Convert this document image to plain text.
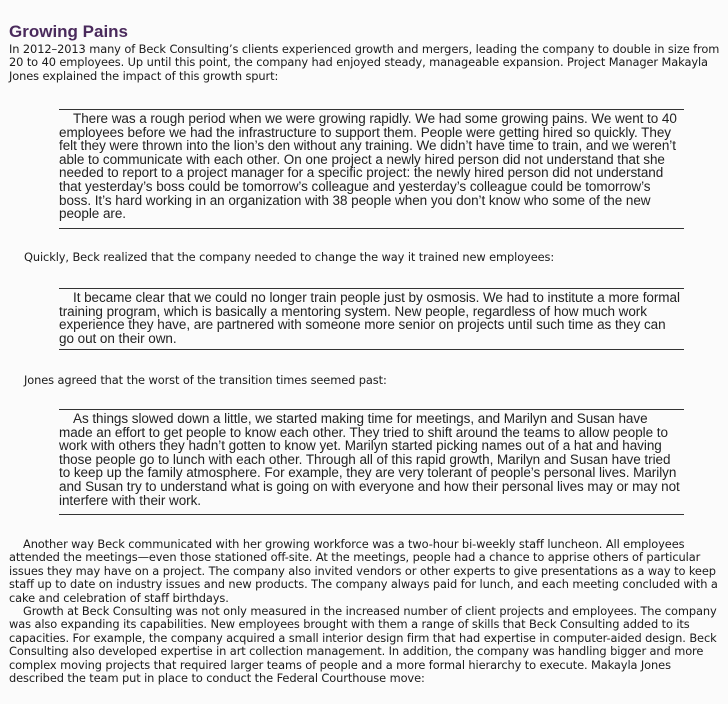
Growing Pains

In 2012–2013 many of Beck Consulting’s clients experienced growth and mergers, leading the company to double in size from 20 to 40 employees. Up until this point, the company had enjoyed steady, manageable expansion. Project Manager Makayla Jones explained the impact of this growth spurt:

There was a rough period when we were growing rapidly. We had some growing pains. We went to 40 employees before we had the infrastructure to support them. People were getting hired so quickly. They felt they were thrown into the lion’s den without any training. We didn’t have time to train, and we weren’t able to communicate with each other. On one project a newly hired person did not understand that she needed to report to a project manager for a specific project: the newly hired person did not understand that yesterday’s boss could be tomorrow’s colleague and yesterday’s colleague could be tomorrow’s boss. It’s hard working in an organization with 38 people when you don’t know who some of the new people are.

Quickly, Beck realized that the company needed to change the way it trained new employees:

It became clear that we could no longer train people just by osmosis. We had to institute a more formal training program, which is basically a mentoring system. New people, regardless of how much work experience they have, are partnered with someone more senior on projects until such time as they can go out on their own.

Jones agreed that the worst of the transition times seemed past:

As things slowed down a little, we started making time for meetings, and Marilyn and Susan have made an effort to get people to know each other. They tried to shift around the teams to allow people to work with others they hadn’t gotten to know yet. Marilyn started picking names out of a hat and having those people go to lunch with each other. Through all of this rapid growth, Marilyn and Susan have tried to keep up the family atmosphere. For example, they are very tolerant of people’s personal lives. Marilyn and Susan try to understand what is going on with everyone and how their personal lives may or may not interfere with their work.

Another way Beck communicated with her growing workforce was a two-hour bi-weekly staff luncheon. All employees attended the meetings—even those stationed off-site. At the meetings, people had a chance to apprise others of particular issues they may have on a project. The company also invited vendors or other experts to give presentations as a way to keep staff up to date on industry issues and new products. The company always paid for lunch, and each meeting concluded with a cake and celebration of staff birthdays.

Growth at Beck Consulting was not only measured in the increased number of client projects and employees. The company was also expanding its capabilities. New employees brought with them a range of skills that Beck Consulting added to its capacities. For example, the company acquired a small interior design firm that had expertise in computer-aided design. Beck Consulting also developed expertise in art collection management. In addition, the company was handling bigger and more complex moving projects that required larger teams of people and a more formal hierarchy to execute. Makayla Jones described the team put in place to conduct the Federal Courthouse move:
